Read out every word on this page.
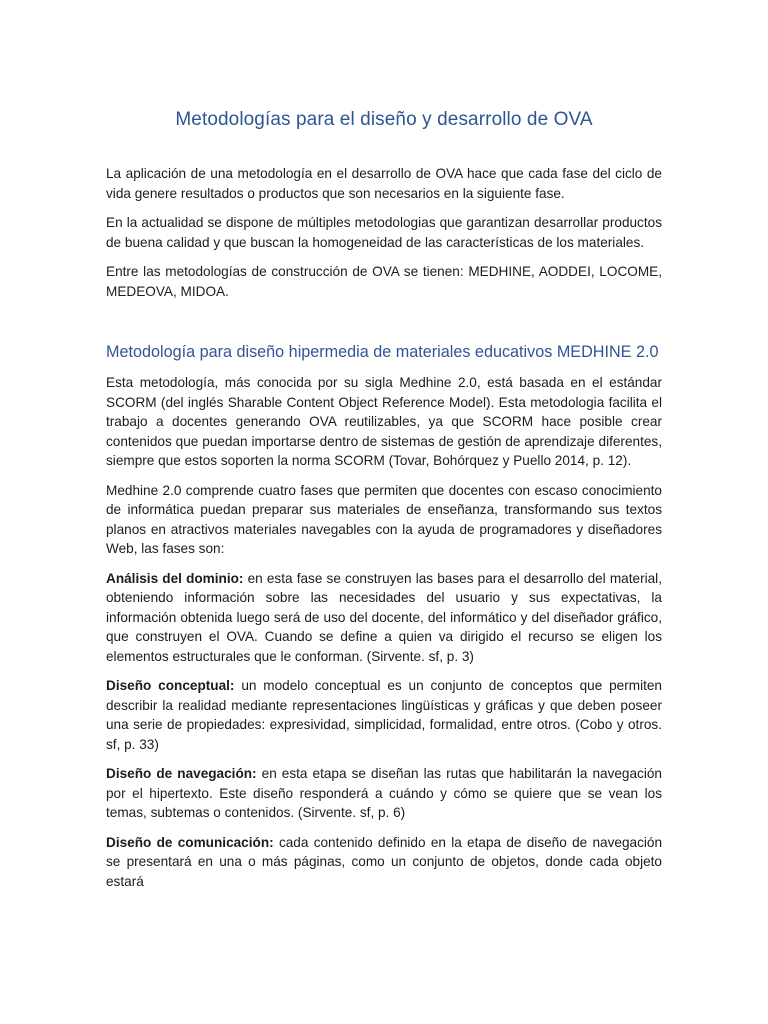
Metodologías para el diseño y desarrollo de OVA

La aplicación de una metodología en el desarrollo de OVA hace que cada fase del ciclo de vida genere resultados o productos que son necesarios en la siguiente fase.

En la actualidad se dispone de múltiples metodologias que garantizan desarrollar productos de buena calidad y que buscan la homogeneidad de las características de los materiales.

Entre las metodologías de construcción de OVA se tienen: MEDHINE, AODDEI, LOCOME, MEDEOVA, MIDOA.

Metodología para diseño hipermedia de materiales educativos MEDHINE 2.0

Esta metodología, más conocida por su sigla Medhine 2.0, está basada en el estándar SCORM (del inglés Sharable Content Object Reference Model). Esta metodologia facilita el trabajo a docentes generando OVA reutilizables, ya que SCORM hace posible crear contenidos que puedan importarse dentro de sistemas de gestión de aprendizaje diferentes, siempre que estos soporten la norma SCORM (Tovar, Bohórquez y Puello 2014, p. 12).

Medhine 2.0 comprende cuatro fases que permiten que docentes con escaso conocimiento de informática puedan preparar sus materiales de enseñanza, transformando sus textos planos en atractivos materiales navegables con la ayuda de programadores y diseñadores Web, las fases son:

Análisis del dominio: en esta fase se construyen las bases para el desarrollo del material, obteniendo información sobre las necesidades del usuario y sus expectativas, la información obtenida luego será de uso del docente, del informático y del diseñador gráfico, que construyen el OVA. Cuando se define a quien va dirigido el recurso se eligen los elementos estructurales que le conforman. (Sirvente. sf, p. 3)

Diseño conceptual: un modelo conceptual es un conjunto de conceptos que permiten describir la realidad mediante representaciones lingüísticas y gráficas y que deben poseer una serie de propiedades: expresividad, simplicidad, formalidad, entre otros. (Cobo y otros. sf, p. 33)

Diseño de navegación: en esta etapa se diseñan las rutas que habilitarán la navegación por el hipertexto. Este diseño responderá a cuándo y cómo se quiere que se vean los temas, subtemas o contenidos. (Sirvente. sf, p. 6)

Diseño de comunicación: cada contenido definido en la etapa de diseño de navegación se presentará en una o más páginas, como un conjunto de objetos, donde cada objeto estará
